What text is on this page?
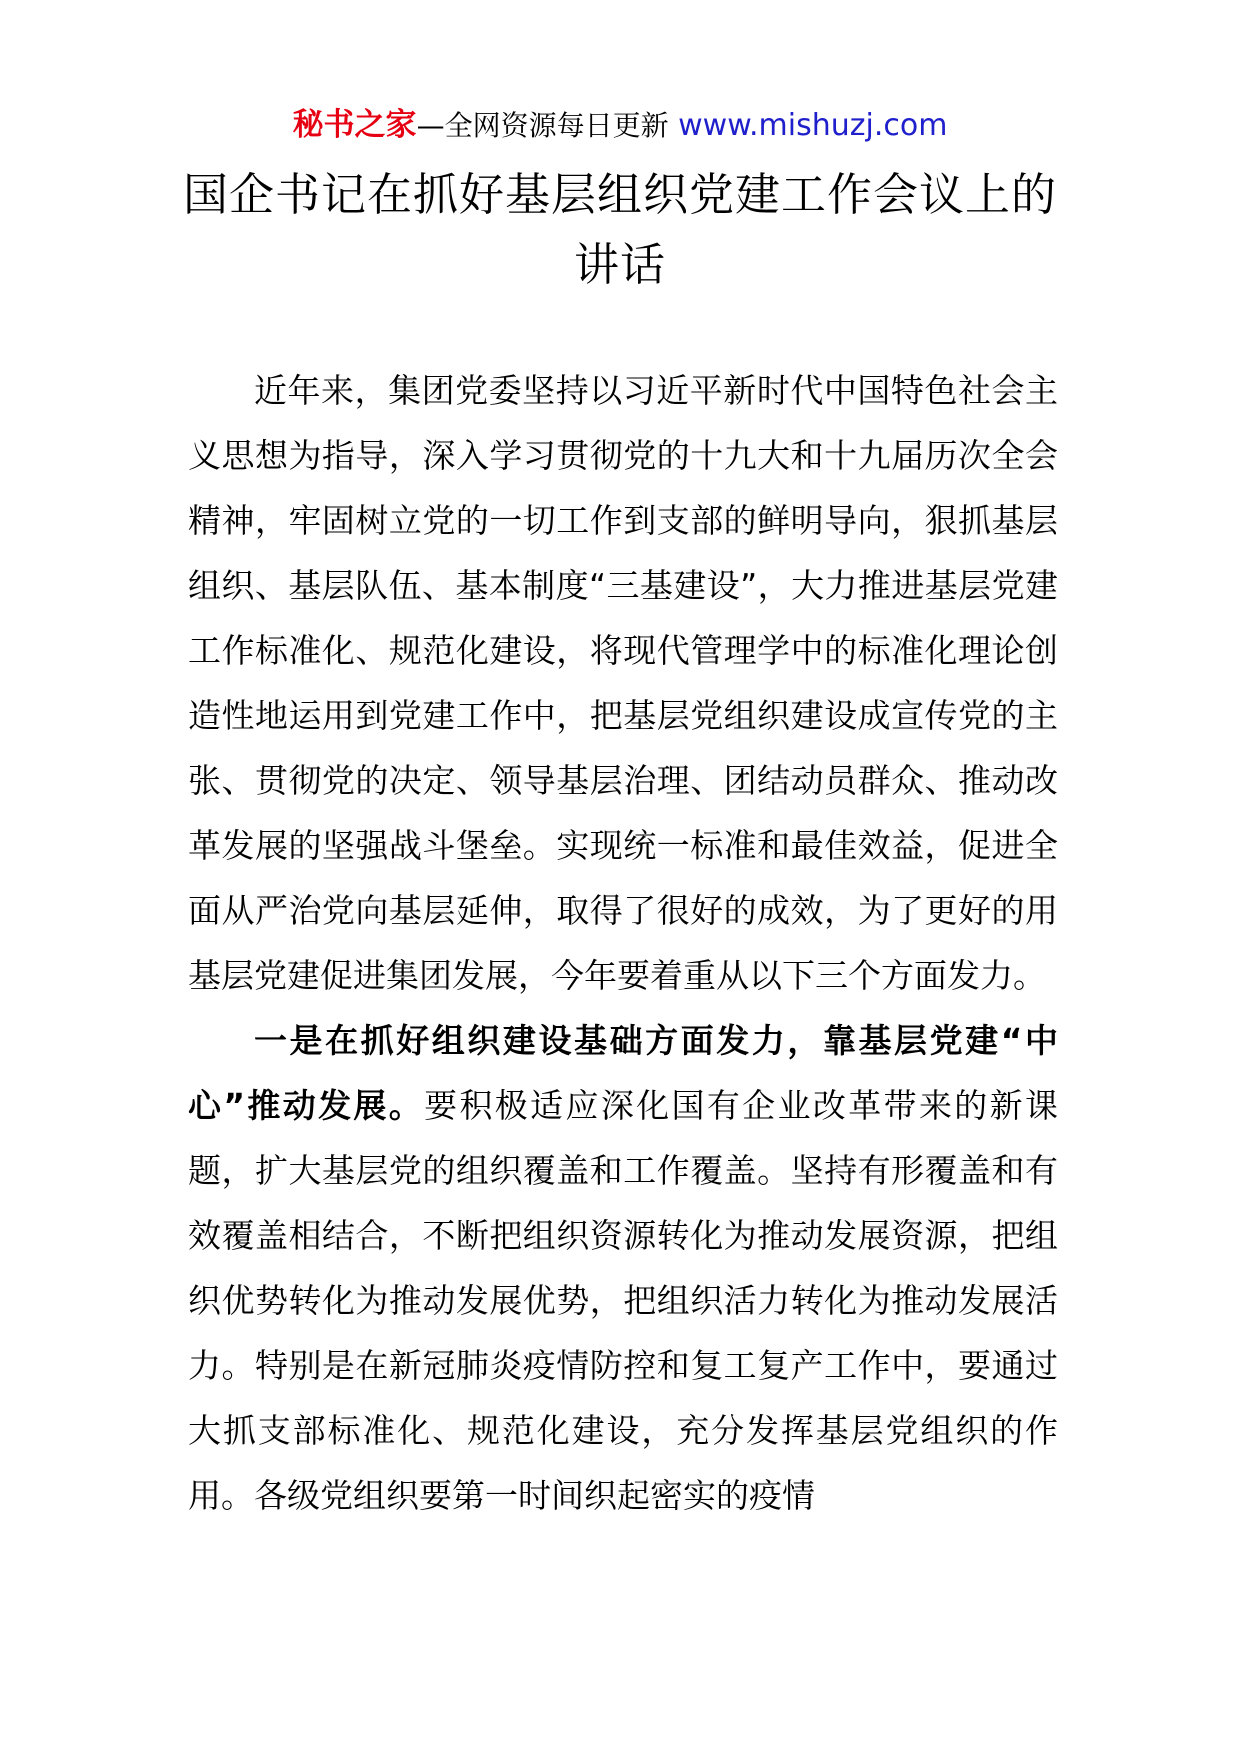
秘书之家—全网资源每日更新 www.mishuzj.com
国企书记在抓好基层组织党建工作会议上的讲话

近年来，集团党委坚持以习近平新时代中国特色社会主义思想为指导，深入学习贯彻党的十九大和十九届历次全会精神，牢固树立党的一切工作到支部的鲜明导向，狠抓基层组织、基层队伍、基本制度“三基建设”，大力推进基层党建工作标准化、规范化建设，将现代管理学中的标准化理论创造性地运用到党建工作中，把基层党组织建设成宣传党的主张、贯彻党的决定、领导基层治理、团结动员群众、推动改革发展的坚强战斗堡垒。实现统一标准和最佳效益，促进全面从严治党向基层延伸，取得了很好的成效，为了更好的用基层党建促进集团发展，今年要着重从以下三个方面发力。

一是在抓好组织建设基础方面发力，靠基层党建“中心”推动发展。要积极适应深化国有企业改革带来的新课题，扩大基层党的组织覆盖和工作覆盖。坚持有形覆盖和有效覆盖相结合，不断把组织资源转化为推动发展资源，把组织优势转化为推动发展优势，把组织活力转化为推动发展活力。特别是在新冠肺炎疫情防控和复工复产工作中，要通过大抓支部标准化、规范化建设，充分发挥基层党组织的作用。各级党组织要第一时间织起密实的疫情
